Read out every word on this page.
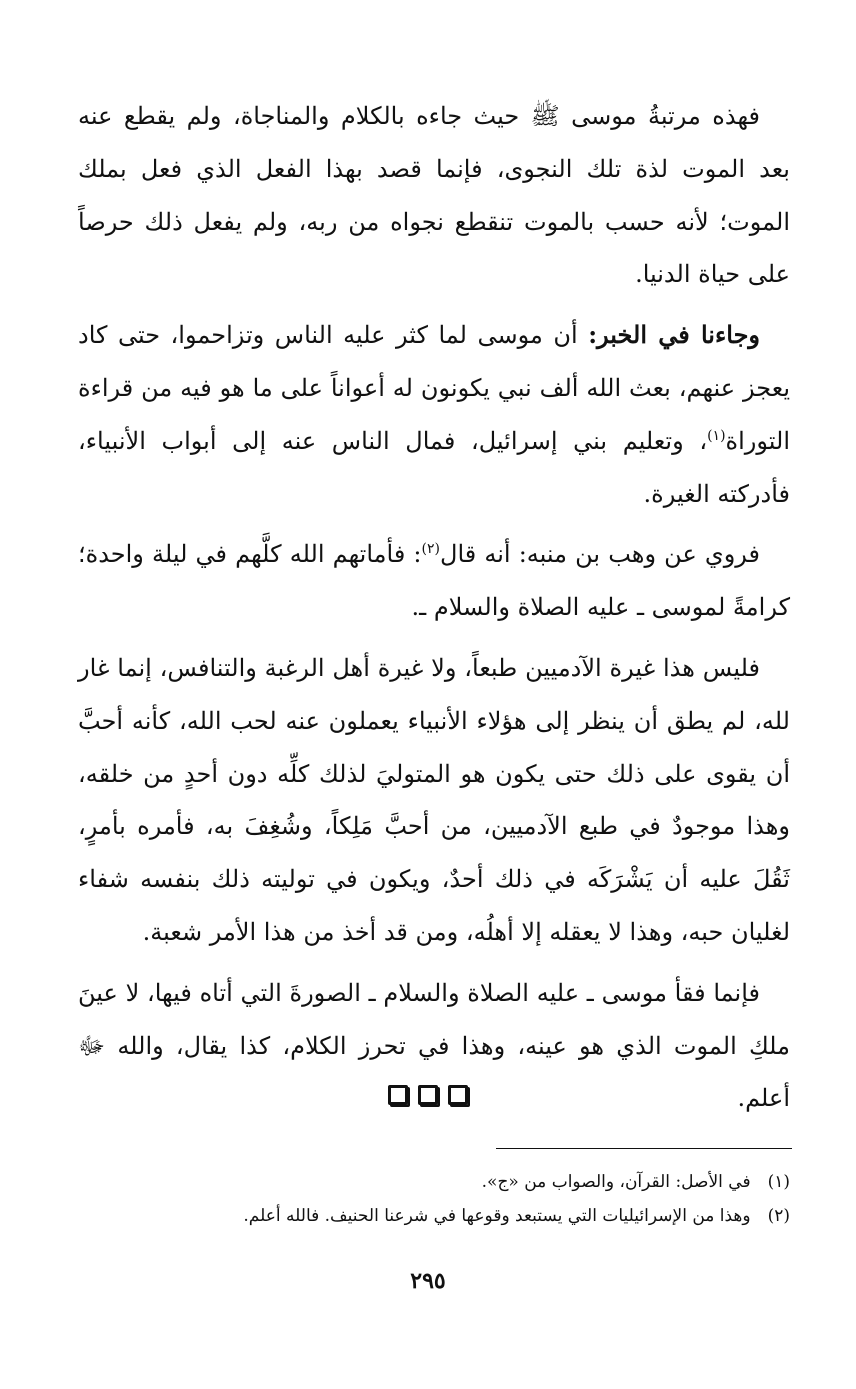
فهذه مرتبةُ موسى ﷺ حيث جاءه بالكلام والمناجاة، ولم يقطع عنه بعد الموت لذة تلك النجوى، فإنما قصد بهذا الفعل الذي فعل بملك الموت؛ لأنه حسب بالموت تنقطع نجواه من ربه، ولم يفعل ذلك حرصاً على حياة الدنيا.

وجاءنا في الخبر: أن موسى لما كثر عليه الناس وتزاحموا، حتى كاد يعجز عنهم، بعث الله ألف نبي يكونون له أعواناً على ما هو فيه من قراءة التوراة$^{(١)}$، وتعليم بني إسرائيل، فمال الناس عنه إلى أبواب الأنبياء، فأدركته الغيرة.

فروي عن وهب بن منبه: أنه قال$^{(٢)}$: فأماتهم الله كلَّهم في ليلة واحدة؛ كرامةً لموسى ـ عليه الصلاة والسلام ـ.

فليس هذا غيرة الآدميين طبعاً، ولا غيرة أهل الرغبة والتنافس، إنما غار لله، لم يطق أن ينظر إلى هؤلاء الأنبياء يعملون عنه لحب الله، كأنه أحبَّ أن يقوى على ذلك حتى يكون هو المتوليَ لذلك كلِّه دون أحدٍ من خلقه، وهذا موجودٌ في طبع الآدميين، من أحبَّ مَلِكاً، وشُغِفَ به، فأمره بأمرٍ، ثَقُلَ عليه أن يَشْرَكَه في ذلك أحدٌ، ويكون في توليته ذلك بنفسه شفاء لغليان حبه، وهذا لا يعقله إلا أهلُه، ومن قد أخذ من هذا الأمر شعبة.

فإنما فقأ موسى ـ عليه الصلاة والسلام ـ الصورةَ التي أتاه فيها، لا عينَ ملكِ الموت الذي هو عينه، وهذا في تحرز الكلام، كذا يقال، والله ﷻ أعلم.

(١) في الأصل: القرآن، والصواب من «ج».

(٢) وهذا من الإسرائيليات التي يستبعد وقوعها في شرعنا الحنيف. فالله أعلم.

٢٩٥
